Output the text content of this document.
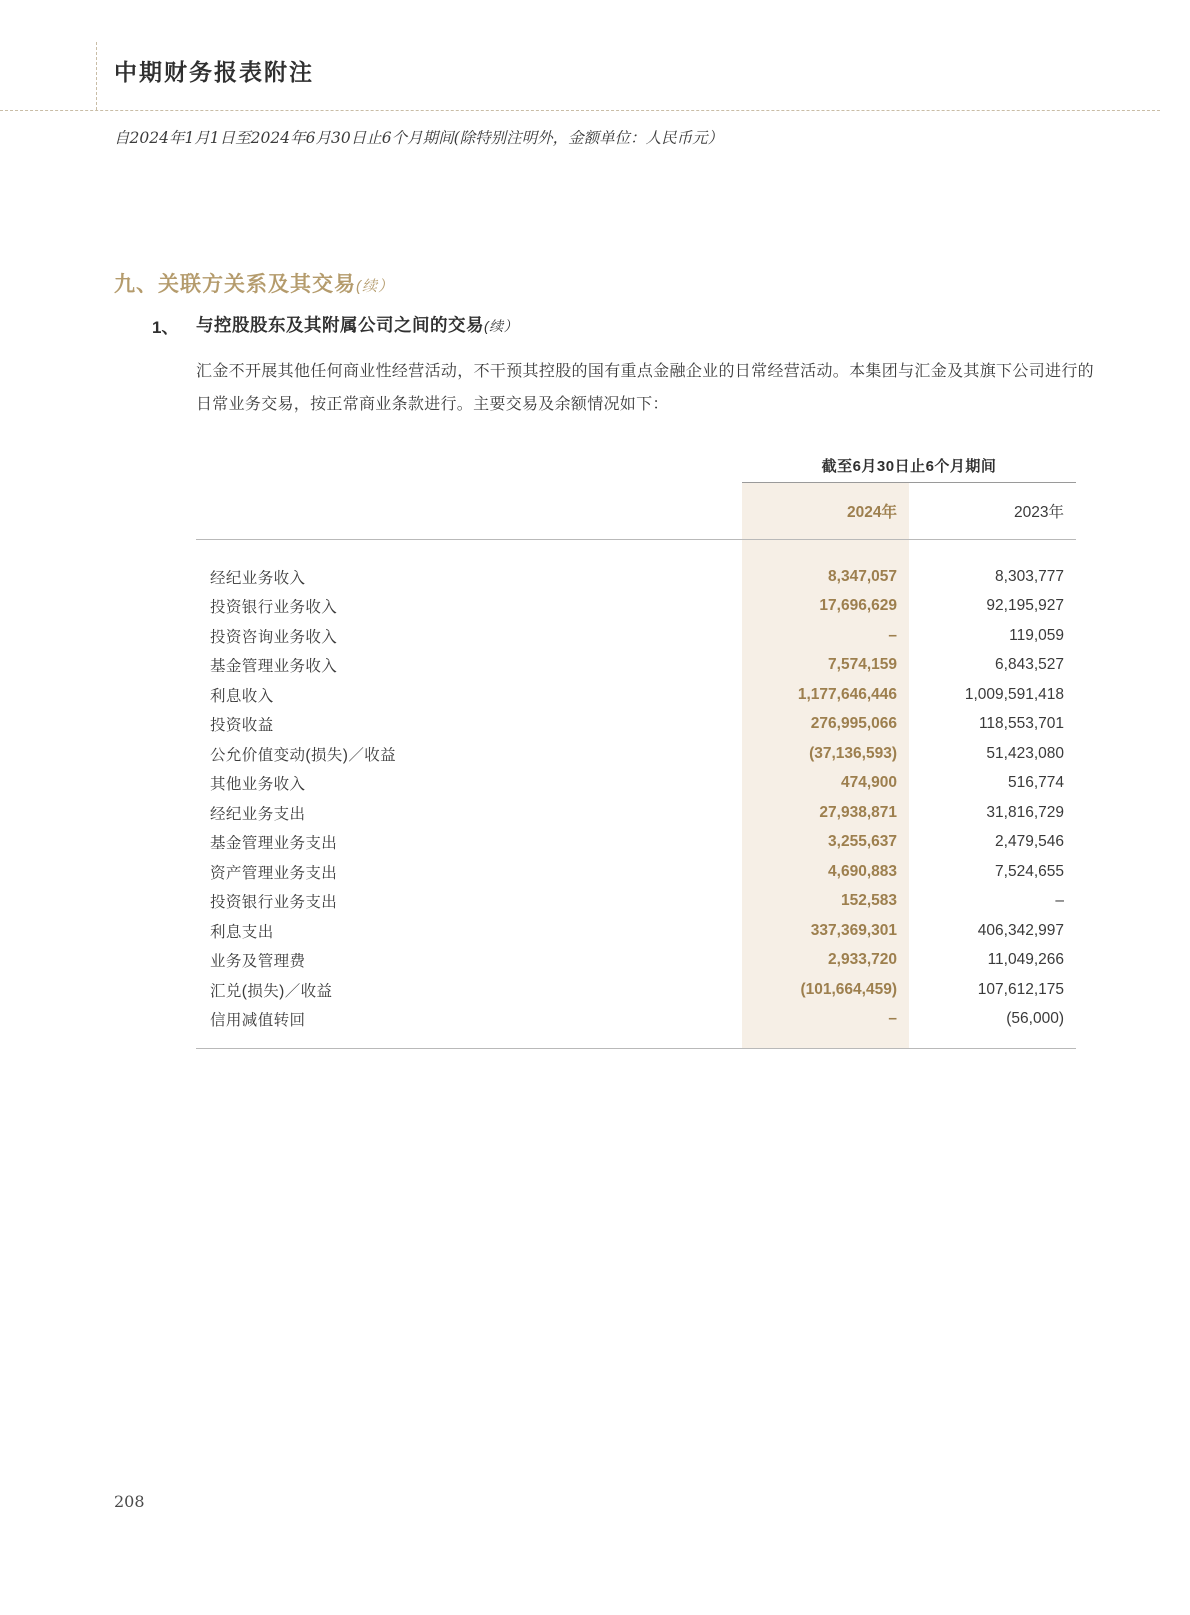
中期财务报表附注
自2024年1月1日至2024年6月30日止6个月期间(除特别注明外，金额单位：人民币元）
九、关联方关系及其交易(续）
1、 与控股股东及其附属公司之间的交易(续）
汇金不开展其他任何商业性经营活动，不干预其控股的国有重点金融企业的日常经营活动。本集团与汇金及其旗下公司进行的日常业务交易，按正常商业条款进行。主要交易及余额情况如下：
	截至6月30日止6个月期间	
	2024年	2023年

经纪业务收入	8,347,057	8,303,777
投资银行业务收入	17,696,629	92,195,927
投资咨询业务收入	–	119,059
基金管理业务收入	7,574,159	6,843,527
利息收入	1,177,646,446	1,009,591,418
投资收益	276,995,066	118,553,701
公允价值变动(损失)／收益	(37,136,593)	51,423,080
其他业务收入	474,900	516,774
经纪业务支出	27,938,871	31,816,729
基金管理业务支出	3,255,637	2,479,546
资产管理业务支出	4,690,883	7,524,655
投资银行业务支出	152,583	–
利息支出	337,369,301	406,342,997
业务及管理费	2,933,720	11,049,266
汇兑(损失)／收益	(101,664,459)	107,612,175
信用减值转回	–	(56,000)

208
